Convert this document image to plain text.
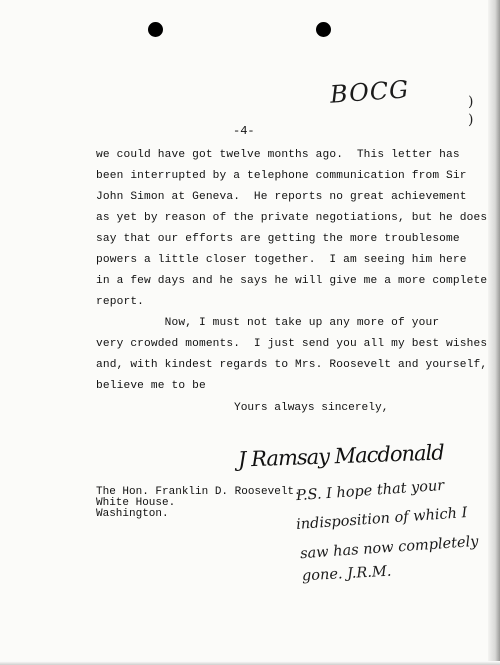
BOCG	)
)
-4-
we could have got twelve months ago.  This letter has
been interrupted by a telephone communication from Sir
John Simon at Geneva.  He reports no great achievement
as yet by reason of the private negotiations, but he does
say that our efforts are getting the more troublesome
powers a little closer together.  I am seeing him here
in a few days and he says he will give me a more complete
report.
Now, I must not take up any more of your
very crowded moments.  I just send you all my best wishes
and, with kindest regards to Mrs. Roosevelt and yourself,
believe me to be
Yours always sincerely,
J Ramsay Macdonald
The Hon. Franklin D. Roosevelt.
White House.
Washington.
P.S. I hope that your
indisposition of which I
saw has now completely
gone. J.R.M.
